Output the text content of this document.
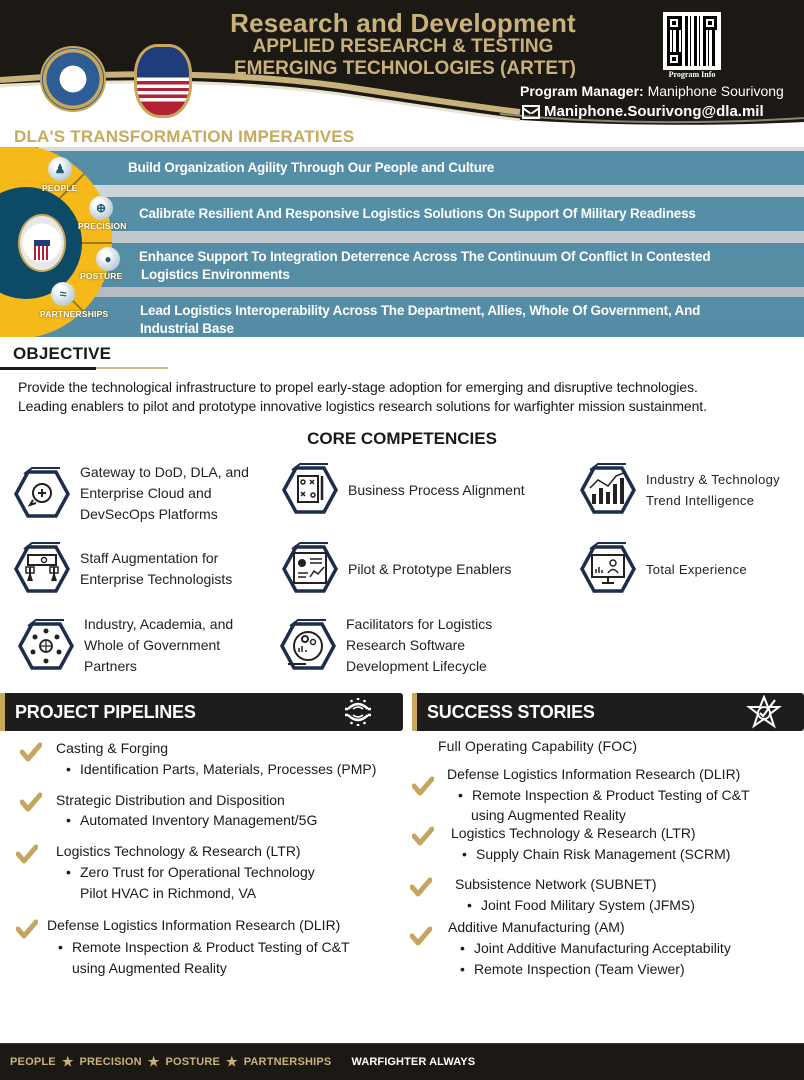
Research and Development
APPLIED RESEARCH & TESTING
EMERGING TECHNOLOGIES (ARTET)	Program Info
Program Manager: Maniphone Sourivong
Maniphone.Sourivong@dla.mil
DLA'S TRANSFORMATION IMPERATIVES
Build Organization Agility Through Our People and Culture
Calibrate Resilient And Responsive Logistics Solutions On Support Of Military Readiness
Enhance Support To Integration Deterrence Across The Continuum Of Conflict In Contested
Logistics Environments
Lead Logistics Interoperability Across The Department, Allies, Whole Of Government, And
Industrial Base
♟
PEOPLE
⊕
PRECISION
●
POSTURE
≈
PARTNERSHIPS
OBJECTIVE
Provide the technological infrastructure to propel early-stage adoption for emerging and disruptive technologies.
Leading enablers to pilot and prototype innovative logistics research solutions for warfighter mission sustainment.
CORE COMPETENCIES
Gateway to DoD, DLA, and
Enterprise Cloud and
DevSecOps Platforms
Business Process Alignment
Industry & Technology
Trend Intelligence
Staff Augmentation for
Enterprise Technologists
Pilot & Prototype Enablers	Total Experience
Industry, Academia, and
Whole of Government
Partners
Facilitators for Logistics
Research Software
Development Lifecycle
PROJECT PIPELINES
Casting & Forging
• Identification Parts, Materials, Processes (PMP)
Strategic Distribution and Disposition
• Automated Inventory Management/5G
Logistics Technology & Research (LTR)
• Zero Trust for Operational Technology
Pilot HVAC in Richmond, VA
Defense Logistics Information Research (DLIR)
• Remote Inspection & Product Testing of C&T
using Augmented Reality
SUCCESS STORIES
Full Operating Capability (FOC)
Defense Logistics Information Research (DLIR)
• Remote Inspection & Product Testing of C&T
using Augmented Reality
Logistics Technology & Research (LTR)
• Supply Chain Risk Management (SCRM)
Subsistence Network (SUBNET)
• Joint Food Military System (JFMS)
Additive Manufacturing (AM)
• Joint Additive Manufacturing Acceptability
• Remote Inspection (Team Viewer)
PEOPLE ★ PRECISION ★ POSTURE ★ PARTNERSHIPS WARFIGHTER ALWAYS
